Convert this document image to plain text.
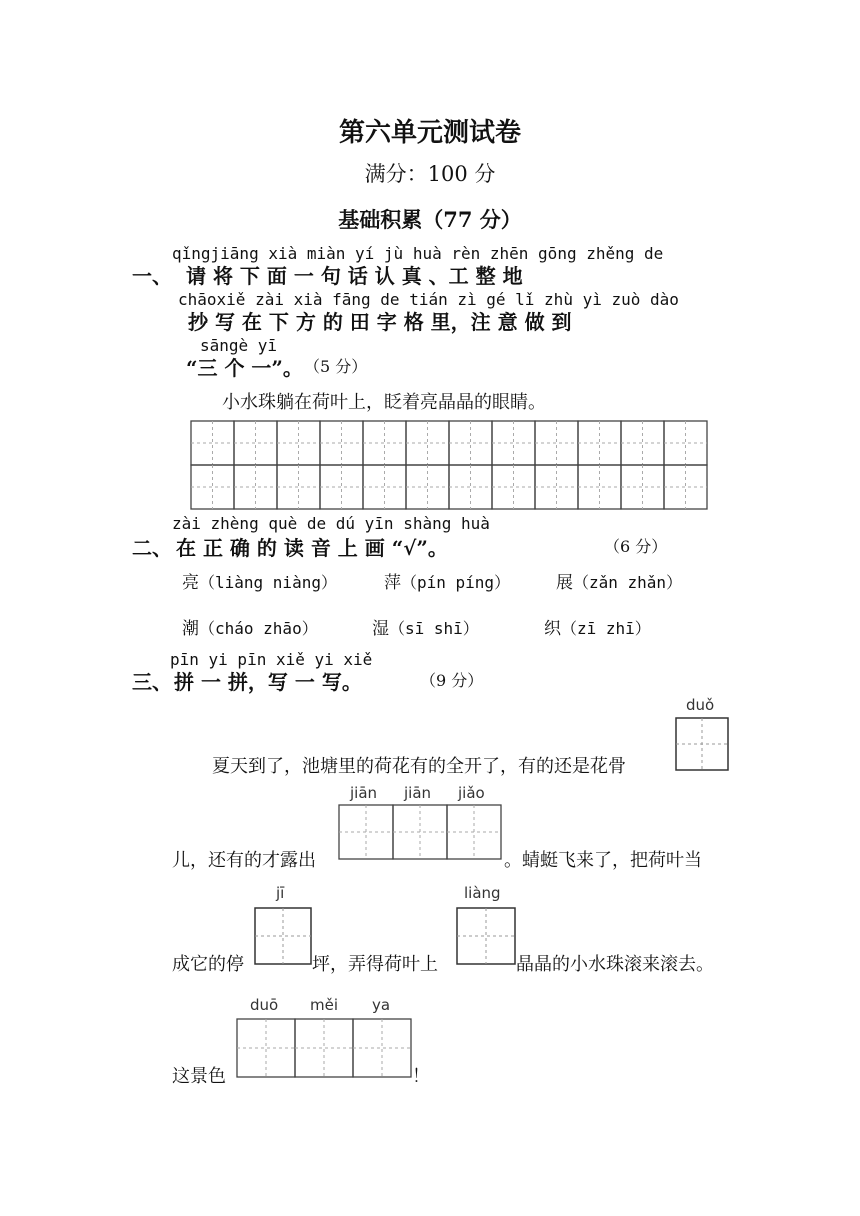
第六单元测试卷
满分：100 分
基础积累（77 分）
qǐngjiāng xià miàn yí jù huà rèn zhēn gōng zhěng de
一、 请 将 下 面 一 句 话 认 真 、工 整 地
chāoxiě zài xià fāng de tián zì gé lǐ zhù yì zuò dào
抄 写 在 下 方 的 田 字 格 里，注 意 做 到
sāngè yī
“三 个 一”。 （5 分）
小水珠躺在荷叶上，眨着亮晶晶的眼睛。
zài zhèng què de dú yīn shàng huà
二、 在 正 确 的 读 音 上 画 “√”。	（6 分）
亮（liàng niàng）	萍（pín píng）	展（zǎn zhǎn）
潮（cháo zhāo）	湿（sī shī）	织（zī zhī）
pīn yi pīn xiě yi xiě
三、 拼 一 拼，写 一 写。	（9 分）
夏天到了，池塘里的荷花有的全开了，有的还是花骨
duǒ
儿，还有的才露出
jiān jiān jiǎo
。蜻蜓飞来了，把荷叶当
成它的停
jī
坪，弄得荷叶上
liàng
晶晶的小水珠滚来滚去。
这景色
duō měi ya
！
